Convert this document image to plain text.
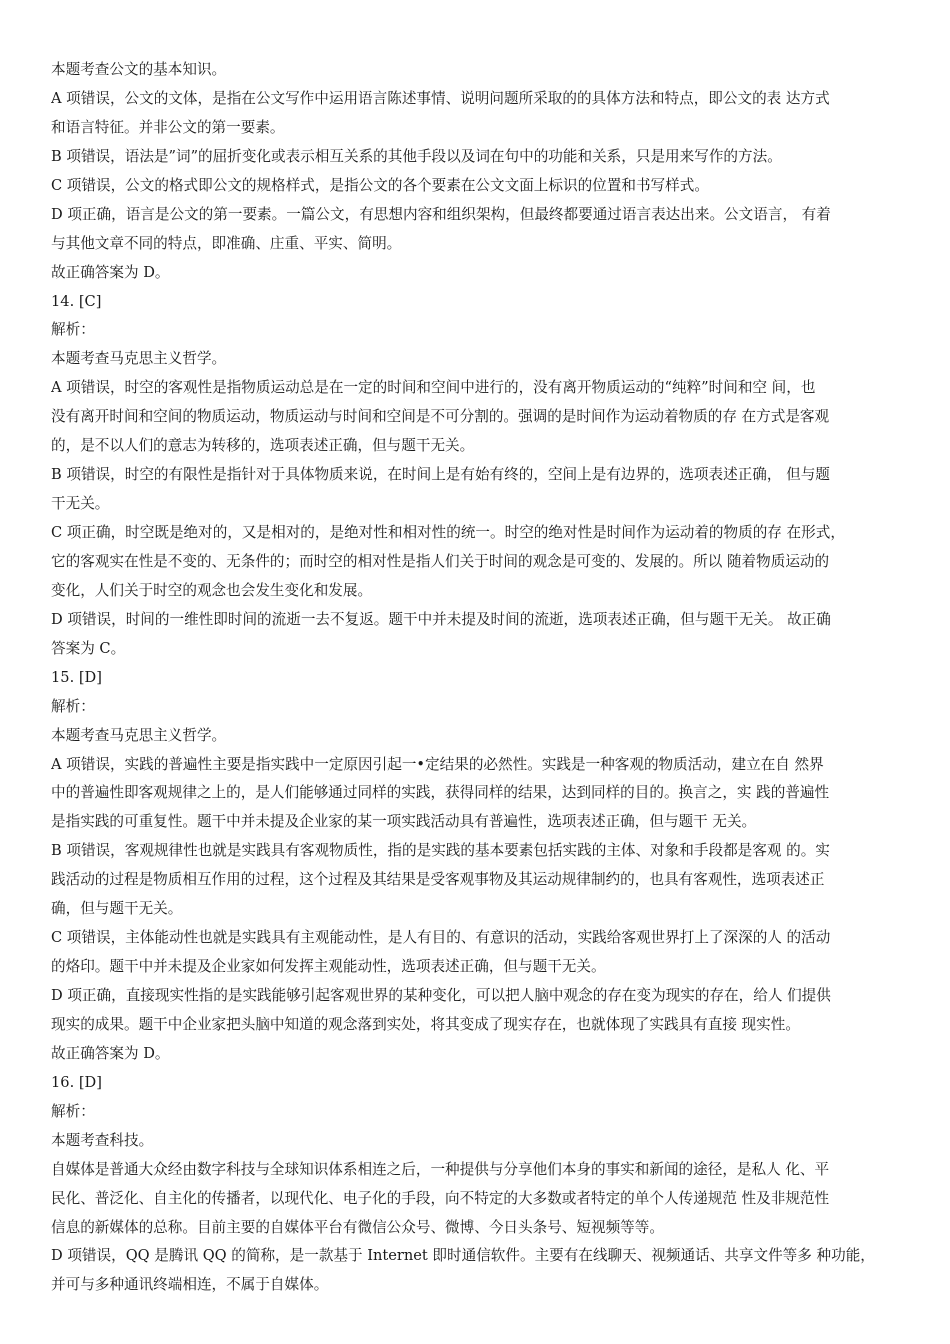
本题考查公文的基本知识。
A 项错误，公文的文体，是指在公文写作中运用语言陈述事情、说明问题所采取的的具体方法和特点，即公文的表 达方式
和语言特征。并非公文的第一要素。
B 项错误，语法是”词”的屈折变化或表示相互关系的其他手段以及词在句中的功能和关系，只是用来写作的方法。
C 项错误，公文的格式即公文的规格样式，是指公文的各个要素在公文文面上标识的位置和书写样式。
D 项正确，语言是公文的第一要素。一篇公文，有思想内容和组织架构，但最终都要通过语言表达出来。公文语言， 有着
与其他文章不同的特点，即准确、庄重、平实、简明。
故正确答案为 D。
14. [C]
解析：
本题考查马克思主义哲学。
A 项错误，时空的客观性是指物质运动总是在一定的时间和空间中进行的，没有离开物质运动的“纯粹”时间和空 间，也
没有离开时间和空间的物质运动，物质运动与时间和空间是不可分割的。强调的是时间作为运动着物质的存 在方式是客观
的，是不以人们的意志为转移的，选项表述正确，但与题干无关。
B 项错误，时空的有限性是指针对于具体物质来说，在时间上是有始有终的，空间上是有边界的，选项表述正确， 但与题
干无关。
C 项正确，时空既是绝对的，又是相对的，是绝对性和相对性的统一。时空的绝对性是时间作为运动着的物质的存 在形式，
它的客观实在性是不变的、无条件的；而时空的相对性是指人们关于时间的观念是可变的、发展的。所以 随着物质运动的
变化，人们关于时空的观念也会发生变化和发展。
D 项错误，时间的一维性即时间的流逝一去不复返。题干中并未提及时间的流逝，选项表述正确，但与题干无关。 故正确
答案为 C。
15. [D]
解析：
本题考查马克思主义哲学。
A 项错误，实践的普遍性主要是指实践中一定原因引起一•定结果的必然性。实践是一种客观的物质活动，建立在自 然界
中的普遍性即客观规律之上的，是人们能够通过同样的实践，获得同样的结果，达到同样的目的。换言之，实 践的普遍性
是指实践的可重复性。题干中并未提及企业家的某一项实践活动具有普遍性，选项表述正确，但与题干 无关。
B 项错误，客观规律性也就是实践具有客观物质性，指的是实践的基本要素包括实践的主体、对象和手段都是客观 的。实
践活动的过程是物质相互作用的过程，这个过程及其结果是受客观事物及其运动规律制约的，也具有客观性，选项表述正
确，但与题干无关。
C 项错误，主体能动性也就是实践具有主观能动性，是人有目的、有意识的活动，实践给客观世界打上了深深的人 的活动
的烙印。题干中并未提及企业家如何发挥主观能动性，选项表述正确，但与题干无关。
D 项正确，直接现实性指的是实践能够引起客观世界的某种变化，可以把人脑中观念的存在变为现实的存在，给人 们提供
现实的成果。题干中企业家把头脑中知道的观念落到实处，将其变成了现实存在，也就体现了实践具有直接 现实性。
故正确答案为 D。
16. [D]
解析：
本题考查科技。
自媒体是普通大众经由数字科技与全球知识体系相连之后，一种提供与分享他们本身的事实和新闻的途径，是私人 化、平
民化、普泛化、自主化的传播者，以现代化、电子化的手段，向不特定的大多数或者特定的单个人传递规范 性及非规范性
信息的新媒体的总称。目前主要的自媒体平台有微信公众号、微博、今日头条号、短视频等等。
D 项错误，QQ 是腾讯 QQ 的简称，是一款基于 Internet 即时通信软件。主要有在线聊天、视频通话、共享文件等多 种功能，
并可与多种通讯终端相连，不属于自媒体。
